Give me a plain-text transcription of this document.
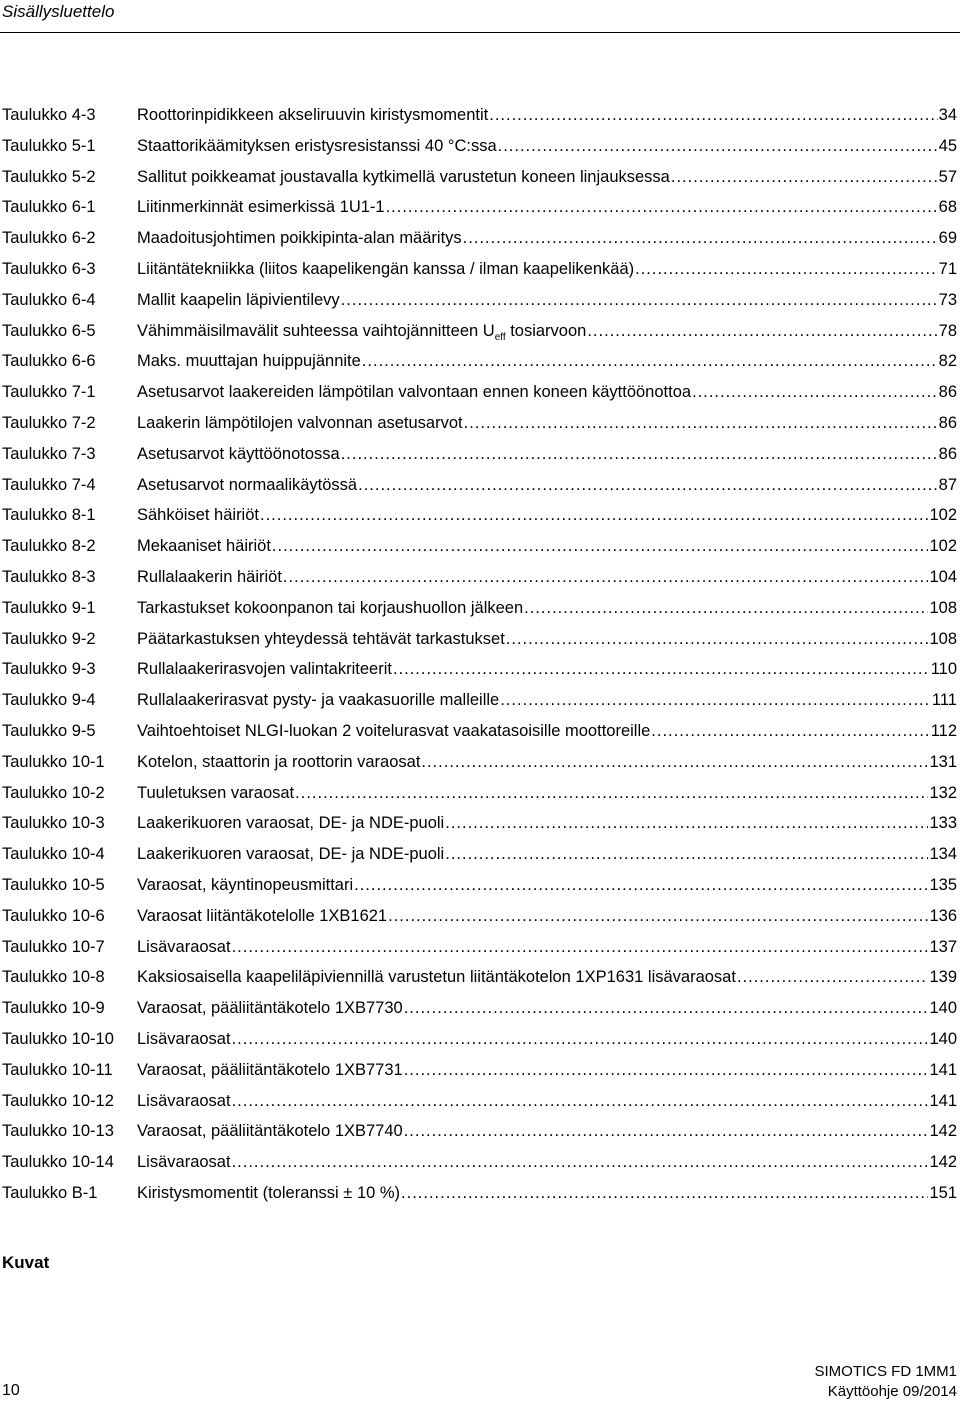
Sisällysluettelo
Taulukko 4-3	Roottorinpidikkeen akseliruuvin kiristysmomentit .....	34
Taulukko 5-1	Staattorikäämityksen eristysresistanssi 40 °C:ssa .....	45
Taulukko 5-2	Sallitut poikkeamat joustavalla kytkimellä varustetun koneen linjauksessa .....	57
Taulukko 6-1	Liitinmerkinnät esimerkissä 1U1-1 .....	68
Taulukko 6-2	Maadoitusjohtimen poikkipinta-alan määritys .....	69
Taulukko 6-3	Liitäntätekniikka (liitos kaapelikengän kanssa / ilman kaapelikenkää) .....	71
Taulukko 6-4	Mallit kaapelin läpivientilevy .....	73
Taulukko 6-5	Vähimmäisilmavälit suhteessa vaihtojännitteen $U_{eff}$ tosiarvoon .....	78
Taulukko 6-6	Maks. muuttajan huippujännite .....	82
Taulukko 7-1	Asetusarvot laakereiden lämpötilan valvontaan ennen koneen käyttöönottoa .....	86
Taulukko 7-2	Laakerin lämpötilojen valvonnan asetusarvot .....	86
Taulukko 7-3	Asetusarvot käyttöönotossa .....	86
Taulukko 7-4	Asetusarvot normaalikäytössä .....	87
Taulukko 8-1	Sähköiset häiriöt .....	102
Taulukko 8-2	Mekaaniset häiriöt .....	102
Taulukko 8-3	Rullalaakerin häiriöt .....	104
Taulukko 9-1	Tarkastukset kokoonpanon tai korjaushuollon jälkeen .....	108
Taulukko 9-2	Päätarkastuksen yhteydessä tehtävät tarkastukset .....	108
Taulukko 9-3	Rullalaakerirasvojen valintakriteerit .....	110
Taulukko 9-4	Rullalaakerirasvat pysty- ja vaakasuorille malleille .....	111
Taulukko 9-5	Vaihtoehtoiset NLGI-luokan 2 voitelurasvat vaakatasoisille moottoreille .....	112
Taulukko 10-1 Kotelon, staattorin ja roottorin varaosat .....	131
Taulukko 10-2 Tuuletuksen varaosat .....	132
Taulukko 10-3 Laakerikuoren varaosat, DE- ja NDE-puoli .....	133
Taulukko 10-4 Laakerikuoren varaosat, DE- ja NDE-puoli .....	134
Taulukko 10-5 Varaosat, käyntinopeusmittari .....	135
Taulukko 10-6 Varaosat liitäntäkotelolle 1XB1621 .....	136
Taulukko 10-7 Lisävaraosat .....	137
Taulukko 10-8 Kaksiosaisella kaapeliläpiviennillä varustetun liitäntäkotelon 1XP1631 lisävaraosat .....	139
Taulukko 10-9 Varaosat, pääliitäntäkotelo 1XB7730 .....	140
Taulukko 10-10 Lisävaraosat .....	140
Taulukko 10-11 Varaosat, pääliitäntäkotelo 1XB7731 .....	141
Taulukko 10-12 Lisävaraosat .....	141
Taulukko 10-13 Varaosat, pääliitäntäkotelo 1XB7740 .....	142
Taulukko 10-14 Lisävaraosat .....	142
Taulukko B-1 Kiristysmomentit (toleranssi ± 10 %) .....	151
Kuvat
10
SIMOTICS FD 1MM1
Käyttöohje 09/2014
